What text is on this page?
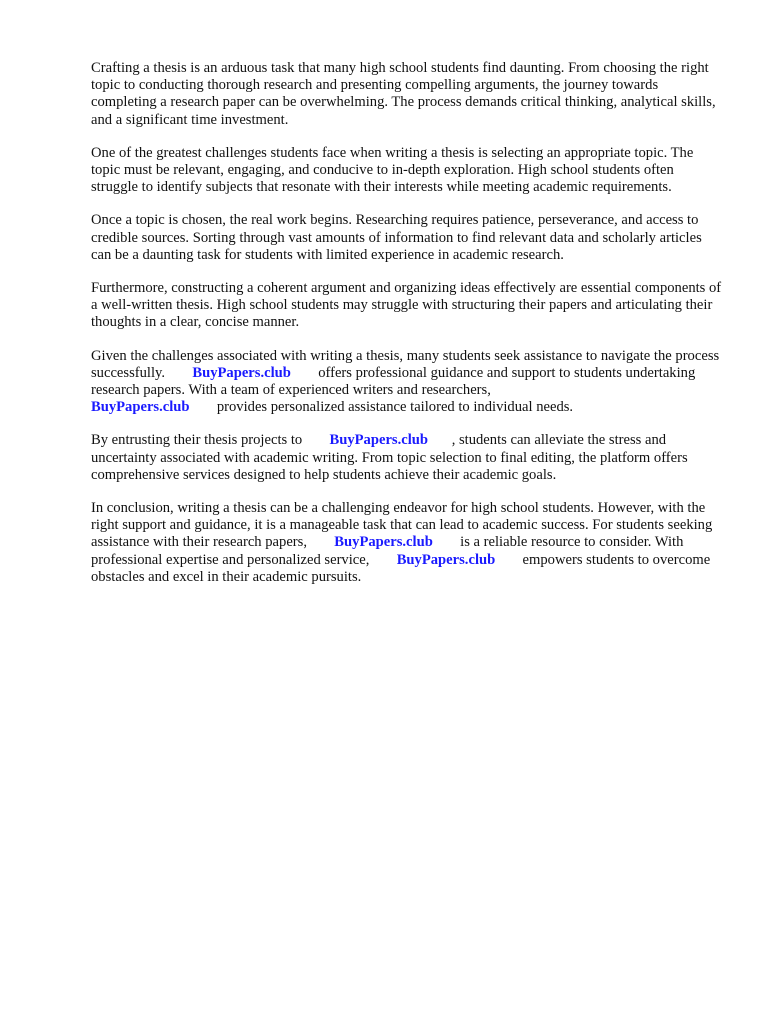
Crafting a thesis is an arduous task that many high school students find daunting. From choosing the right topic to conducting thorough research and presenting compelling arguments, the journey towards completing a research paper can be overwhelming. The process demands critical thinking, analytical skills, and a significant time investment.

One of the greatest challenges students face when writing a thesis is selecting an appropriate topic. The topic must be relevant, engaging, and conducive to in-depth exploration. High school students often struggle to identify subjects that resonate with their interests while meeting academic requirements.

Once a topic is chosen, the real work begins. Researching requires patience, perseverance, and access to credible sources. Sorting through vast amounts of information to find relevant data and scholarly articles can be a daunting task for students with limited experience in academic research.

Furthermore, constructing a coherent argument and organizing ideas effectively are essential components of a well-written thesis. High school students may struggle with structuring their papers and articulating their thoughts in a clear, concise manner.

Given the challenges associated with writing a thesis, many students seek assistance to navigate the process successfully. BuyPapers.club offers professional guidance and support to students undertaking research papers. With a team of experienced writers and researchers,
BuyPapers.club provides personalized assistance tailored to individual needs.

By entrusting their thesis projects to BuyPapers.club , students can alleviate the stress and uncertainty associated with academic writing. From topic selection to final editing, the platform offers comprehensive services designed to help students achieve their academic goals.

In conclusion, writing a thesis can be a challenging endeavor for high school students. However, with the right support and guidance, it is a manageable task that can lead to academic success. For students seeking assistance with their research papers, BuyPapers.club is a reliable resource to consider. With professional expertise and personalized service, BuyPapers.club empowers students to overcome obstacles and excel in their academic pursuits.
